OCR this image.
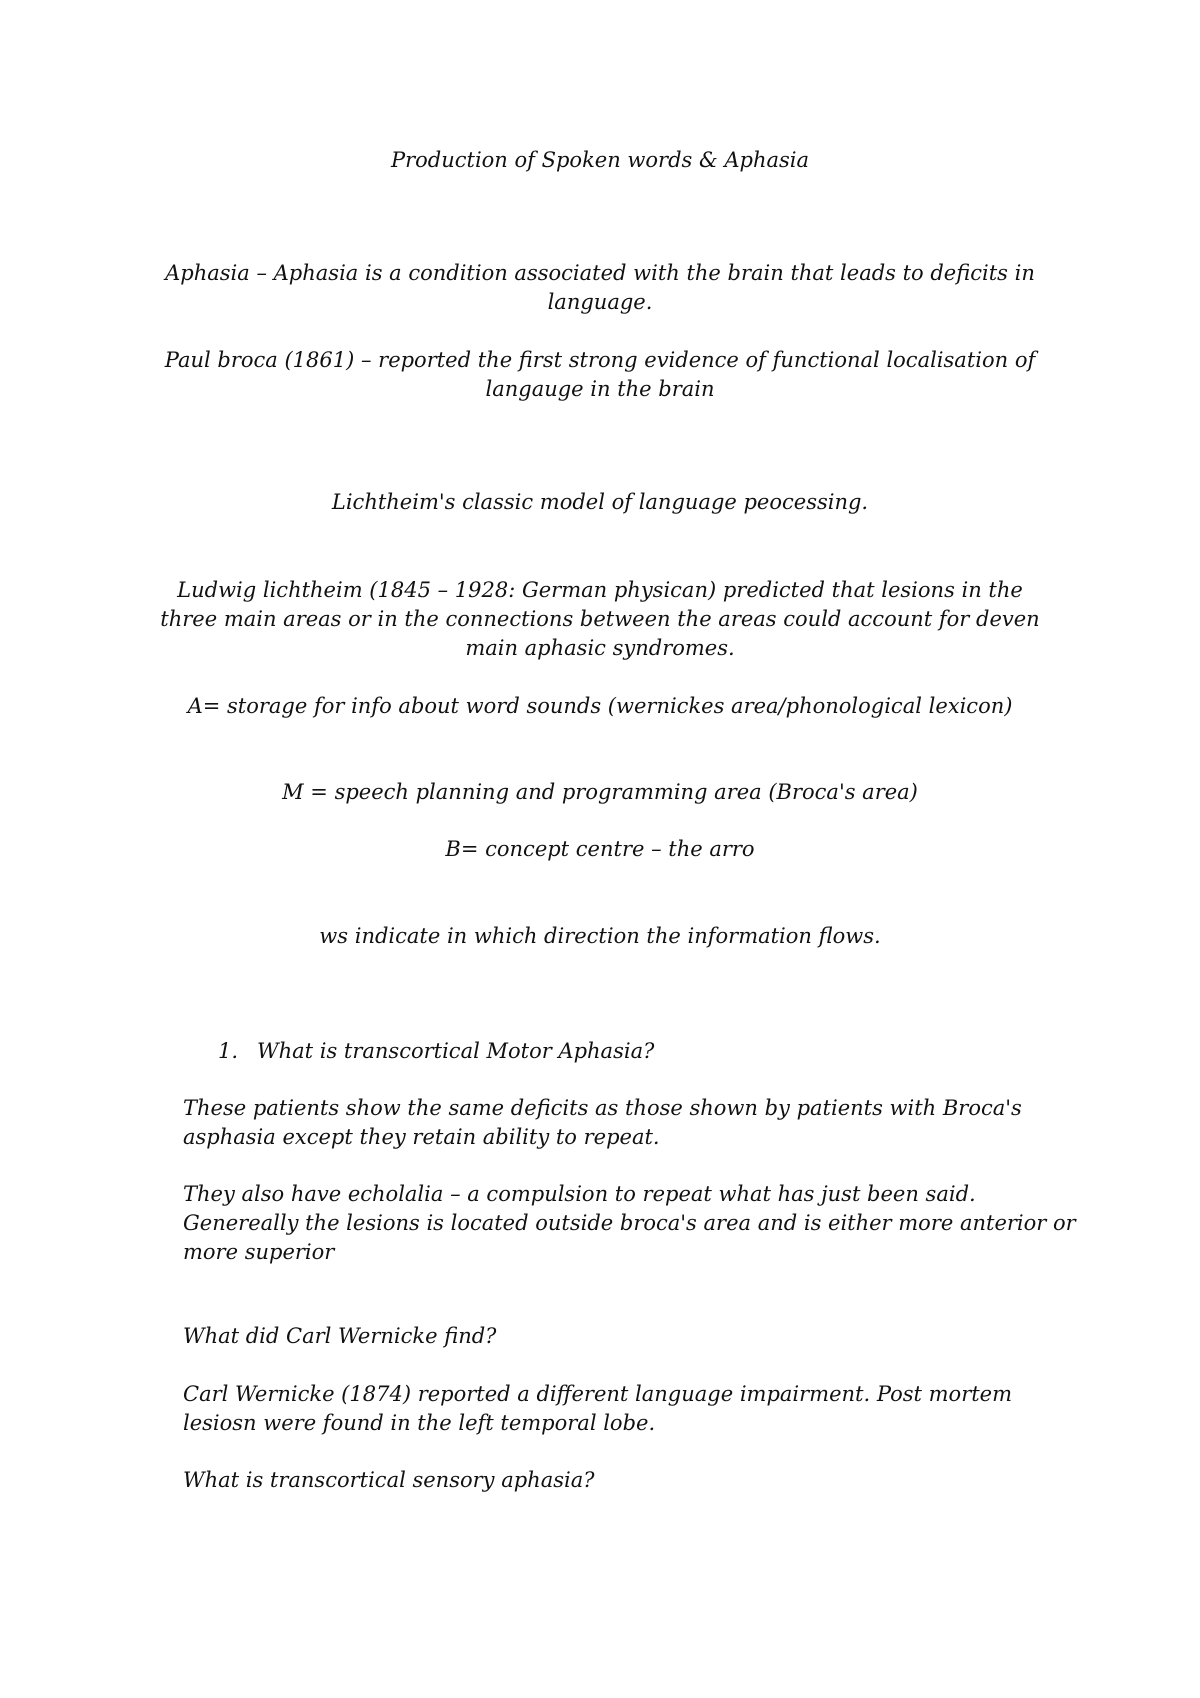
Production of Spoken words & Aphasia

Aphasia – Aphasia is a condition associated with the brain that leads to deficits in

language.

Paul broca (1861) – reported the first strong evidence of functional localisation of

langauge in the brain

Lichtheim's classic model of language peocessing.

Ludwig lichtheim (1845 – 1928: German physican) predicted that lesions in the

three main areas or in the connections between the areas could account for deven

main aphasic syndromes.

A= storage for info about word sounds (wernickes area/phonological lexicon)

M = speech planning and programming area (Broca's area)

B= concept centre – the arro

ws indicate in which direction the information flows.

1. What is transcortical Motor Aphasia?

These patients show the same deficits as those shown by patients with Broca's

asphasia except they retain ability to repeat.

They also have echolalia – a compulsion to repeat what has just been said.

Genereally the lesions is located outside broca's area and is either more anterior or

more superior

What did Carl Wernicke find?

Carl Wernicke (1874) reported a different language impairment. Post mortem

lesiosn were found in the left temporal lobe.

What is transcortical sensory aphasia?
